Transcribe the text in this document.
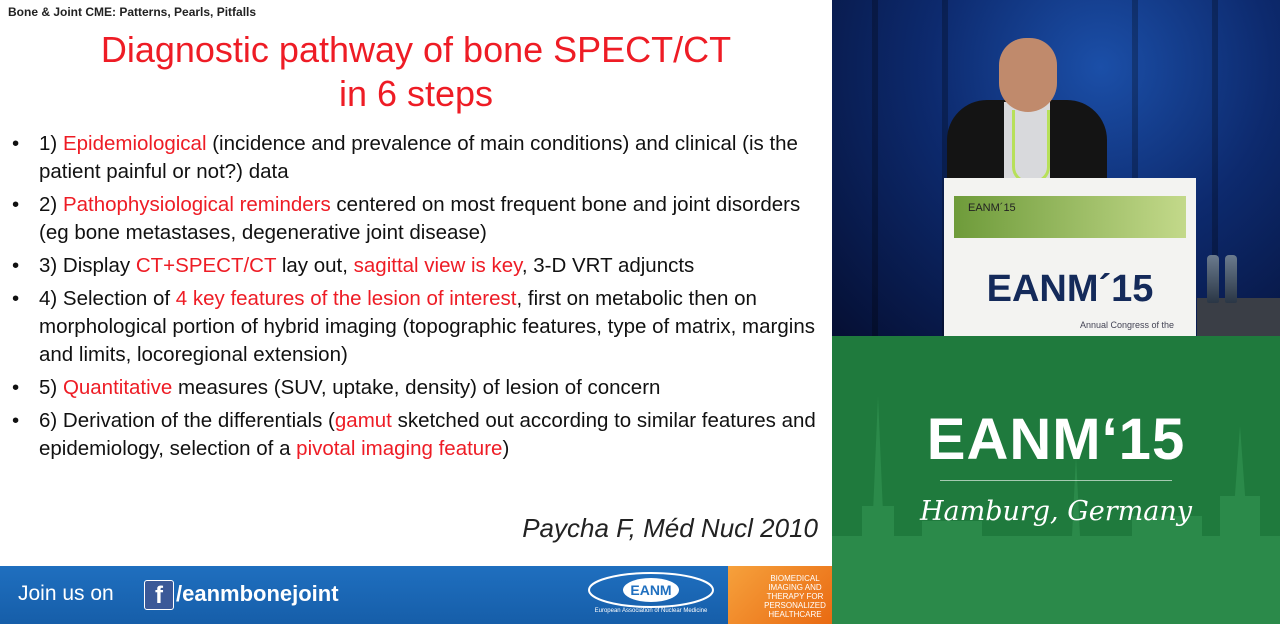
Bone & Joint CME: Patterns, Pearls, Pitfalls
Diagnostic pathway of bone SPECT/CT
in 6 steps
• 1) Epidemiological (incidence and prevalence of main conditions) and clinical (is the patient painful or not?) data
• 2) Pathophysiological reminders centered on most frequent bone and joint disorders (eg bone metastases, degenerative joint disease)
• 3) Display CT+SPECT/CT lay out, sagittal view is key, 3-D VRT adjuncts
• 4) Selection of 4 key features of the lesion of interest, first on metabolic then on morphological portion of hybrid imaging (topographic features, type of matrix, margins and limits, locoregional extension)
• 5) Quantitative measures (SUV, uptake, density) of lesion of concern
• 6) Derivation of the differentials (gamut sketched out according to similar features and epidemiology, selection of a pivotal imaging feature)
Paycha F, Méd Nucl 2010
Join us on	f /eanmbonejoint	EANM
European Association of Nuclear Medicine
BIOMEDICAL IMAGING AND THERAPY FOR PERSONALIZED HEALTHCARE
EANM´15
EANM´15
Annual Congress of the
EANM‘15
Hamburg, Germany
